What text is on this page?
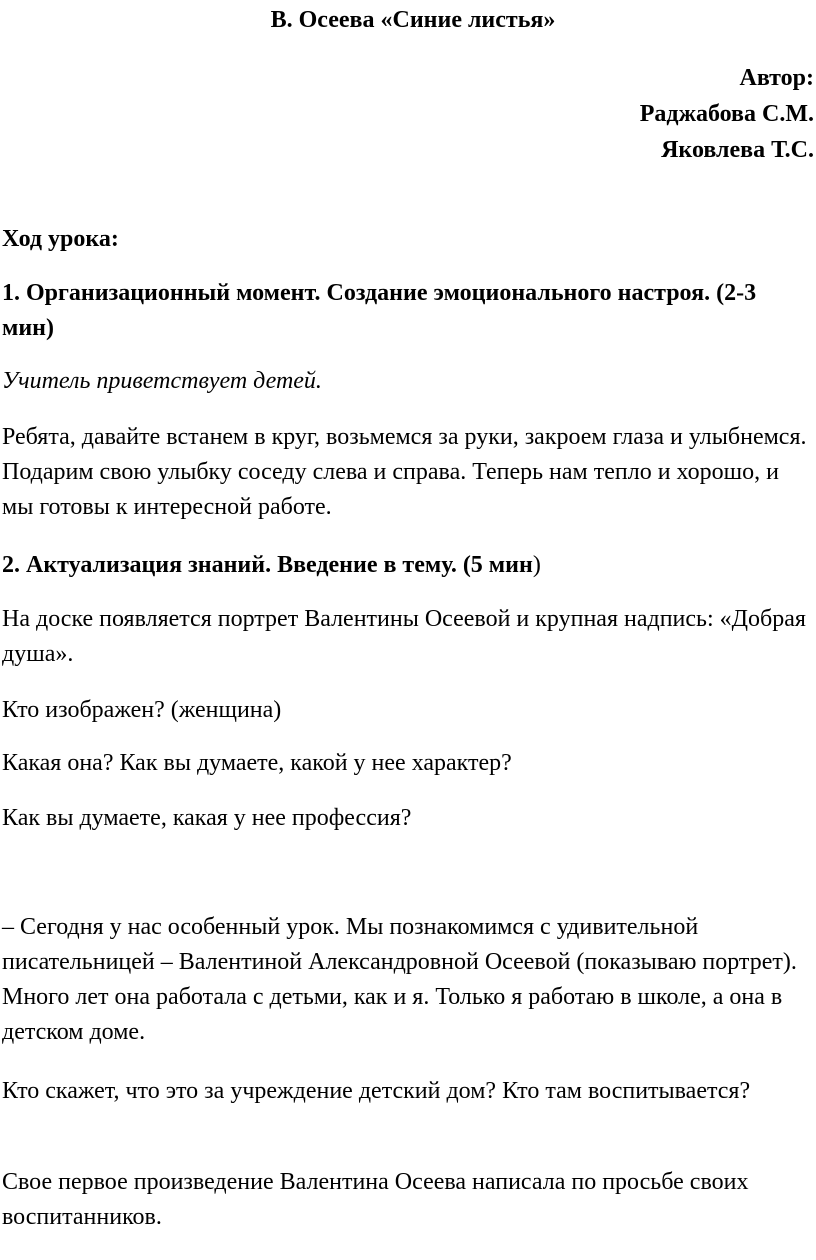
В. Осеева «Синие листья»
Автор:
Раджабова С.М.
Яковлева Т.С.

Ход урока:

1. Организационный момент. Создание эмоционального настроя. (2-3 мин)

Учитель приветствует детей.

Ребята, давайте встанем в круг, возьмемся за руки, закроем глаза и улыбнемся. Подарим свою улыбку соседу слева и справа. Теперь нам тепло и хорошо, и мы готовы к интересной работе.

2. Актуализация знаний. Введение в тему. (5 мин)

На доске появляется портрет Валентины Осеевой и крупная надпись: «Добрая душа».

Кто изображен? (женщина)

Какая она? Как вы думаете, какой у нее характер?

Как вы думаете, какая у нее профессия?

– Сегодня у нас особенный урок. Мы познакомимся с удивительной писательницей – Валентиной Александровной Осеевой (показываю портрет). Много лет она работала с детьми, как и я. Только я работаю в школе, а она в детском доме.

Кто скажет, что это за учреждение детский дом? Кто там воспитывается?

Свое первое произведение Валентина Осеева написала по просьбе своих воспитанников.
